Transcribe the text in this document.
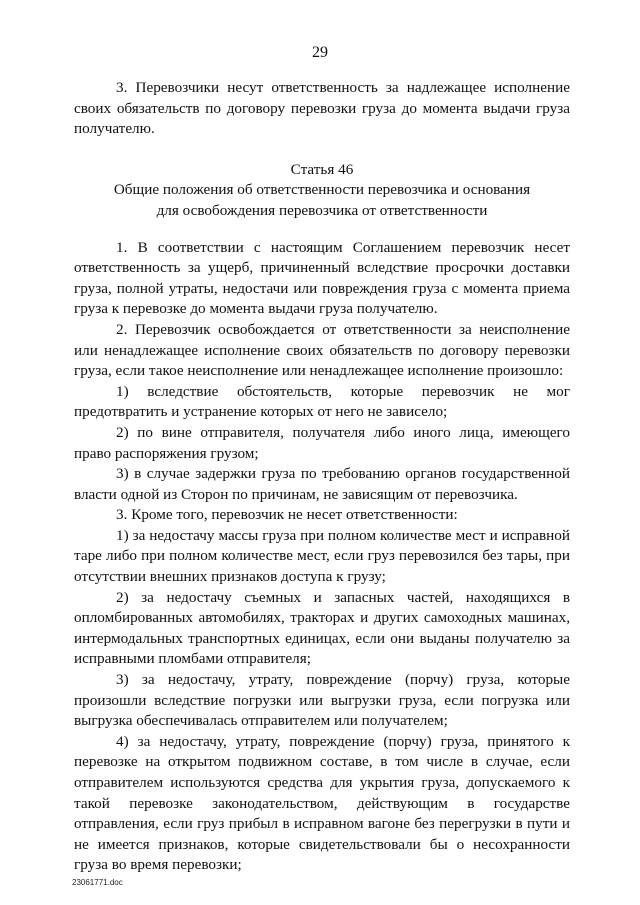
29

3. Перевозчики несут ответственность за надлежащее исполнение своих обязательств по договору перевозки груза до момента выдачи груза получателю.

Статья 46

Общие положения об ответственности перевозчика и основания

для освобождения перевозчика от ответственности

1. В соответствии с настоящим Соглашением перевозчик несет ответственность за ущерб, причиненный вследствие просрочки доставки груза, полной утраты, недостачи или повреждения груза с момента приема груза к перевозке до момента выдачи груза получателю.

2. Перевозчик освобождается от ответственности за неисполнение или ненадлежащее исполнение своих обязательств по договору перевозки груза, если такое неисполнение или ненадлежащее исполнение произошло:

1) вследствие обстоятельств, которые перевозчик не мог предотвратить и устранение которых от него не зависело;

2) по вине отправителя, получателя либо иного лица, имеющего право распоряжения грузом;

3) в случае задержки груза по требованию органов государственной власти одной из Сторон по причинам, не зависящим от перевозчика.

3. Кроме того, перевозчик не несет ответственности:

1) за недостачу массы груза при полном количестве мест и исправной таре либо при полном количестве мест, если груз перевозился без тары, при отсутствии внешних признаков доступа к грузу;

2) за недостачу съемных и запасных частей, находящихся в опломбированных автомобилях, тракторах и других самоходных машинах, интермодальных транспортных единицах, если они выданы получателю за исправными пломбами отправителя;

3) за недостачу, утрату, повреждение (порчу) груза, которые произошли вследствие погрузки или выгрузки груза, если погрузка или выгрузка обеспечивалась отправителем или получателем;

4) за недостачу, утрату, повреждение (порчу) груза, принятого к перевозке на открытом подвижном составе, в том числе в случае, если отправителем используются средства для укрытия груза, допускаемого к такой перевозке законодательством, действующим в государстве отправления, если груз прибыл в исправном вагоне без перегрузки в пути и не имеется признаков, которые свидетельствовали бы о несохранности груза во время перевозки;

23061771.doc
